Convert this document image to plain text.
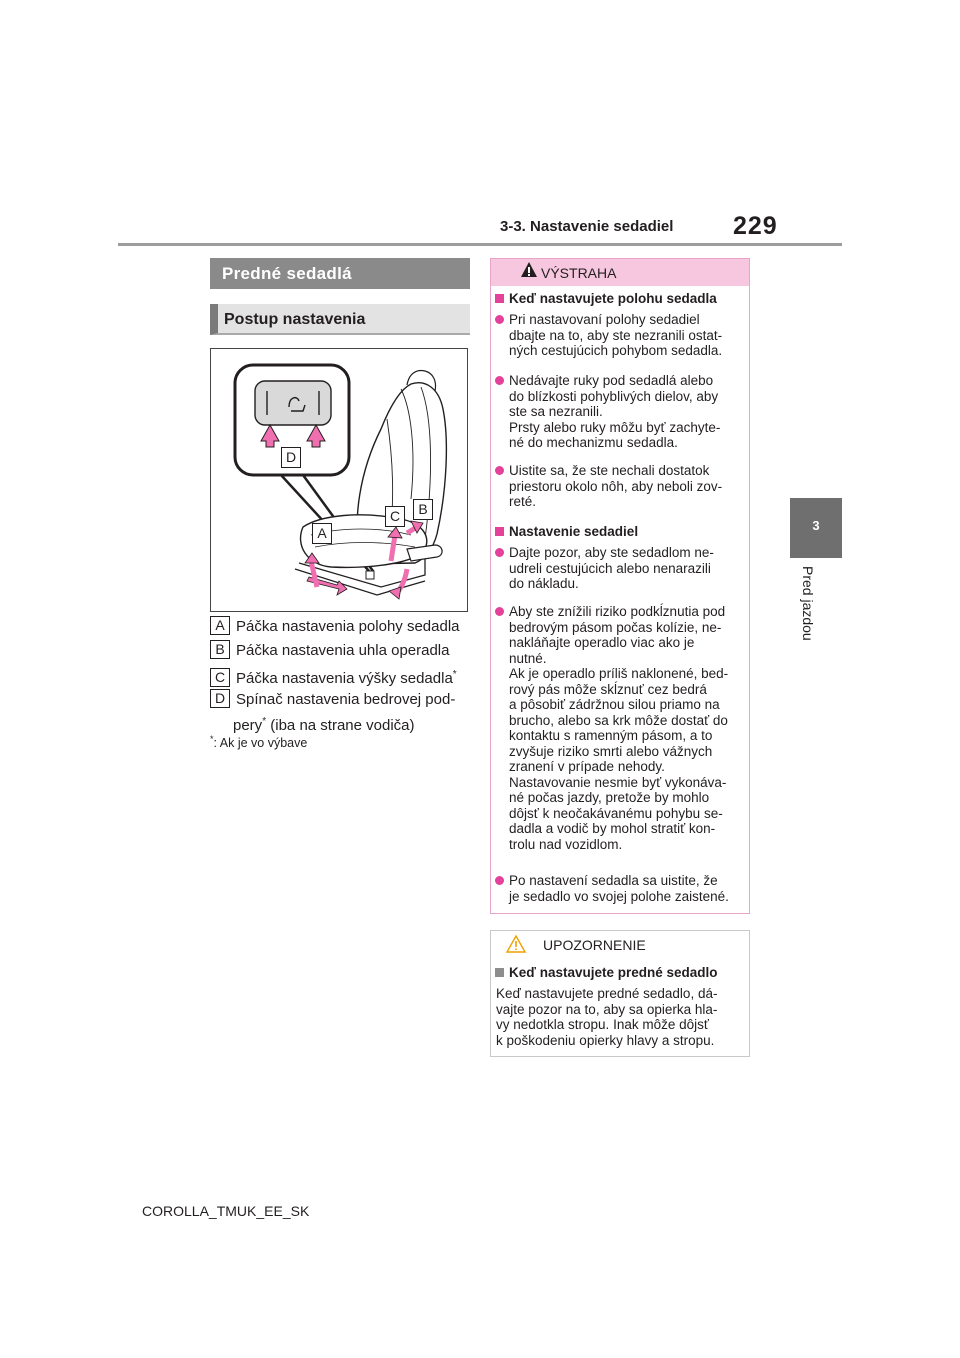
3-3. Nastavenie sedadiel 229
3
Pred jazdou
Predné sedadlá
Postup nastavenia
D
A
C	B
A Páčka nastavenia polohy sedadla
B Páčka nastavenia uhla operadla
C Páčka nastavenia výšky sedadla*
D Spínač nastavenia bedrovej pod-
pery* (iba na strane vodiča)
*: Ak je vo výbave
VÝSTRAHA
Keď nastavujete polohu sedadla
Pri nastavovaní polohy sedadiel
dbajte na to, aby ste nezranili ostat-
ných cestujúcich pohybom sedadla.
Nedávajte ruky pod sedadlá alebo
do blízkosti pohyblivých dielov, aby
ste sa nezranili.
Prsty alebo ruky môžu byť zachyte-
né do mechanizmu sedadla.
Uistite sa, že ste nechali dostatok
priestoru okolo nôh, aby neboli zov-
reté.
Nastavenie sedadiel
Dajte pozor, aby ste sedadlom ne-
udreli cestujúcich alebo nenarazili
do nákladu.
Aby ste znížili riziko podkĺznutia pod
bedrovým pásom počas kolízie, ne-
nakláňajte operadlo viac ako je
nutné.
Ak je operadlo príliš naklonené, bed-
rový pás môže skĺznuť cez bedrá
a pôsobiť zádržnou silou priamo na
brucho, alebo sa krk môže dostať do
kontaktu s ramenným pásom, a to
zvyšuje riziko smrti alebo vážnych
zranení v prípade nehody.
Nastavovanie nesmie byť vykonáva-
né počas jazdy, pretože by mohlo
dôjsť k neočakávanému pohybu se-
dadla a vodič by mohol stratiť kon-
trolu nad vozidlom.
Po nastavení sedadla sa uistite, že
je sedadlo vo svojej polohe zaistené.
UPOZORNENIE
Keď nastavujete predné sedadlo
Keď nastavujete predné sedadlo, dá-
vajte pozor na to, aby sa opierka hla-
vy nedotkla stropu. Inak môže dôjsť
k poškodeniu opierky hlavy a stropu.
COROLLA_TMUK_EE_SK
